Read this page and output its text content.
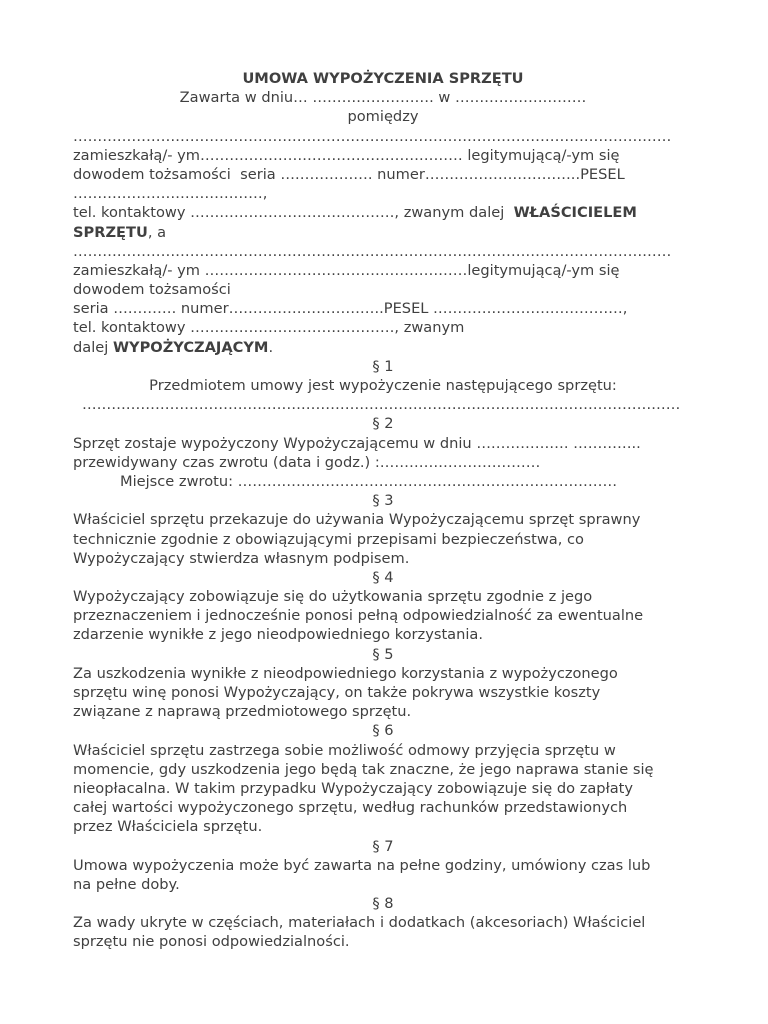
UMOWA WYPOŻYCZENIA SPRZĘTU
Zawarta w dniu… ……………………. w ………………………
pomiędzy
……………………………………………………………………………………………………………
zamieszkałą/- ym……………………………………………… legitymującą/-ym się
dowodem tożsamości  seria ………………. numer…………………………..PESEL
…………………………………,
tel. kontaktowy ……………………………………, zwanym dalej  WŁAŚCICIELEM
SPRZĘTU, a
……………………………………………………………………………………………………………
zamieszkałą/- ym ………………………………………………legitymującą/-ym się
dowodem tożsamości
seria …………. numer…………………………..PESEL …………………………………,
tel. kontaktowy ……………………………………, zwanym
dalej WYPOŻYCZAJĄCYM.
§ 1
Przedmiotem umowy jest wypożyczenie następującego sprzętu:
……………………………………………………………………………………………………………
§ 2
Sprzęt zostaje wypożyczony Wypożyczającemu w dniu ………………. …………..
przewidywany czas zwrotu (data i godz.) :……………………………
Miejsce zwrotu: ……………………………………………………………………
§ 3
Właściciel sprzętu przekazuje do używania Wypożyczającemu sprzęt sprawny
technicznie zgodnie z obowiązującymi przepisami bezpieczeństwa, co
Wypożyczający stwierdza własnym podpisem.
§ 4
Wypożyczający zobowiązuje się do użytkowania sprzętu zgodnie z jego
przeznaczeniem i jednocześnie ponosi pełną odpowiedzialność za ewentualne
zdarzenie wynikłe z jego nieodpowiedniego korzystania.
§ 5
Za uszkodzenia wynikłe z nieodpowiedniego korzystania z wypożyczonego
sprzętu winę ponosi Wypożyczający, on także pokrywa wszystkie koszty
związane z naprawą przedmiotowego sprzętu.
§ 6
Właściciel sprzętu zastrzega sobie możliwość odmowy przyjęcia sprzętu w
momencie, gdy uszkodzenia jego będą tak znaczne, że jego naprawa stanie się
nieopłacalna. W takim przypadku Wypożyczający zobowiązuje się do zapłaty
całej wartości wypożyczonego sprzętu, według rachunków przedstawionych
przez Właściciela sprzętu.
§ 7
Umowa wypożyczenia może być zawarta na pełne godziny, umówiony czas lub
na pełne doby.
§ 8
Za wady ukryte w częściach, materiałach i dodatkach (akcesoriach) Właściciel
sprzętu nie ponosi odpowiedzialności.
